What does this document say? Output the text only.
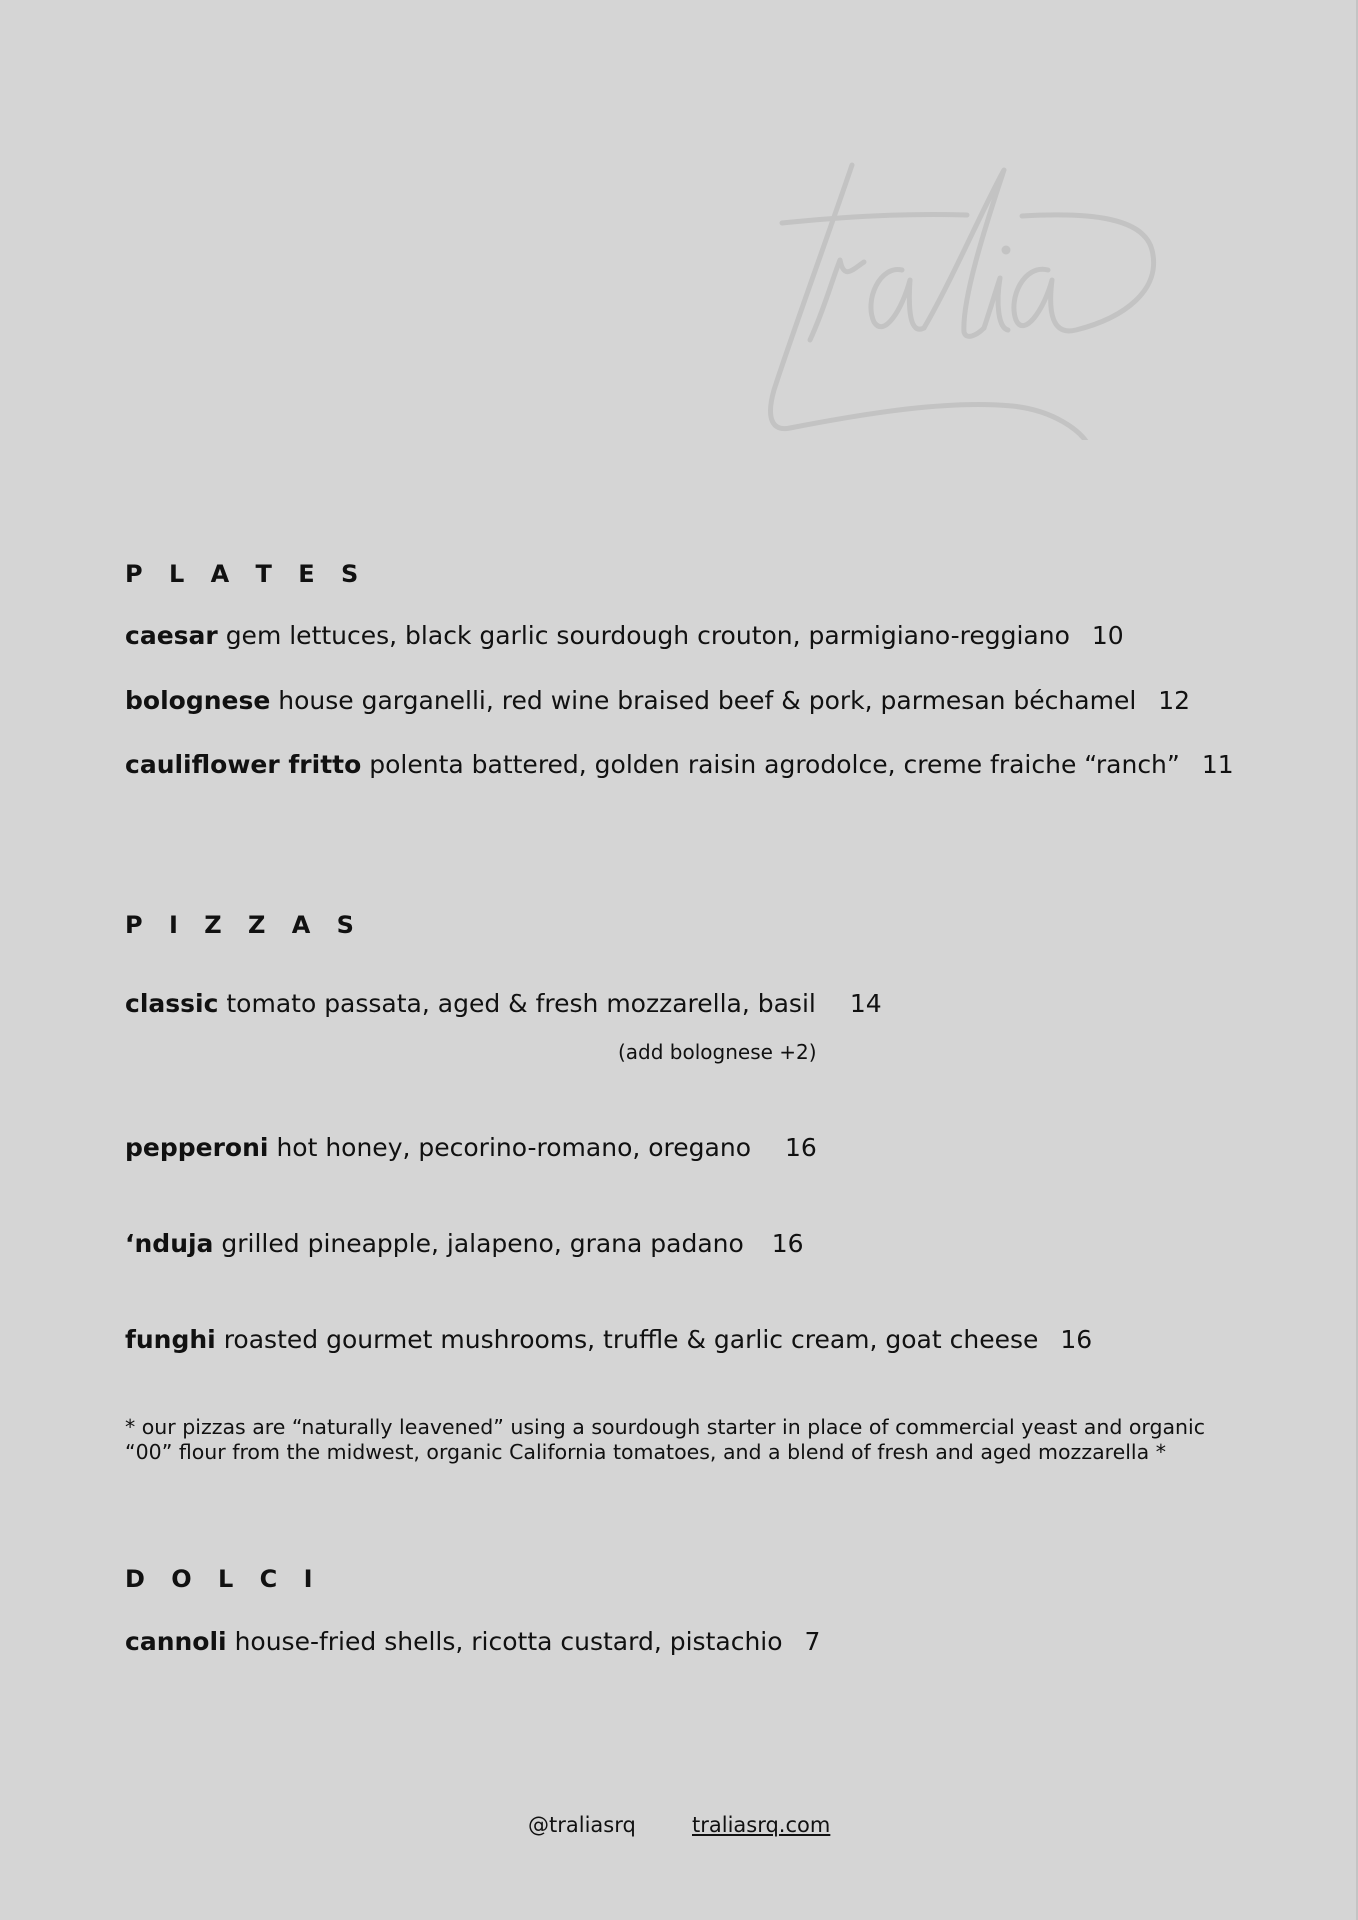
P L A T E S

caesar gem lettuces, black garlic sourdough crouton, parmigiano-reggiano 10

bolognese house garganelli, red wine braised beef & pork, parmesan béchamel 12

cauliflower fritto polenta battered, golden raisin agrodolce, creme fraiche “ranch” 11

P I Z Z A S

classic tomato passata, aged & fresh mozzarella, basil 14

(add bolognese +2)

pepperoni hot honey, pecorino-romano, oregano 16

‘nduja grilled pineapple, jalapeno, grana padano 16

funghi roasted gourmet mushrooms, truffle & garlic cream, goat cheese 16

* our pizzas are “naturally leavened” using a sourdough starter in place of commercial yeast and organic

“00” flour from the midwest, organic California tomatoes, and a blend of fresh and aged mozzarella *

D O L C I

cannoli house-fried shells, ricotta custard, pistachio 7

@traliasrq	traliasrq.com
